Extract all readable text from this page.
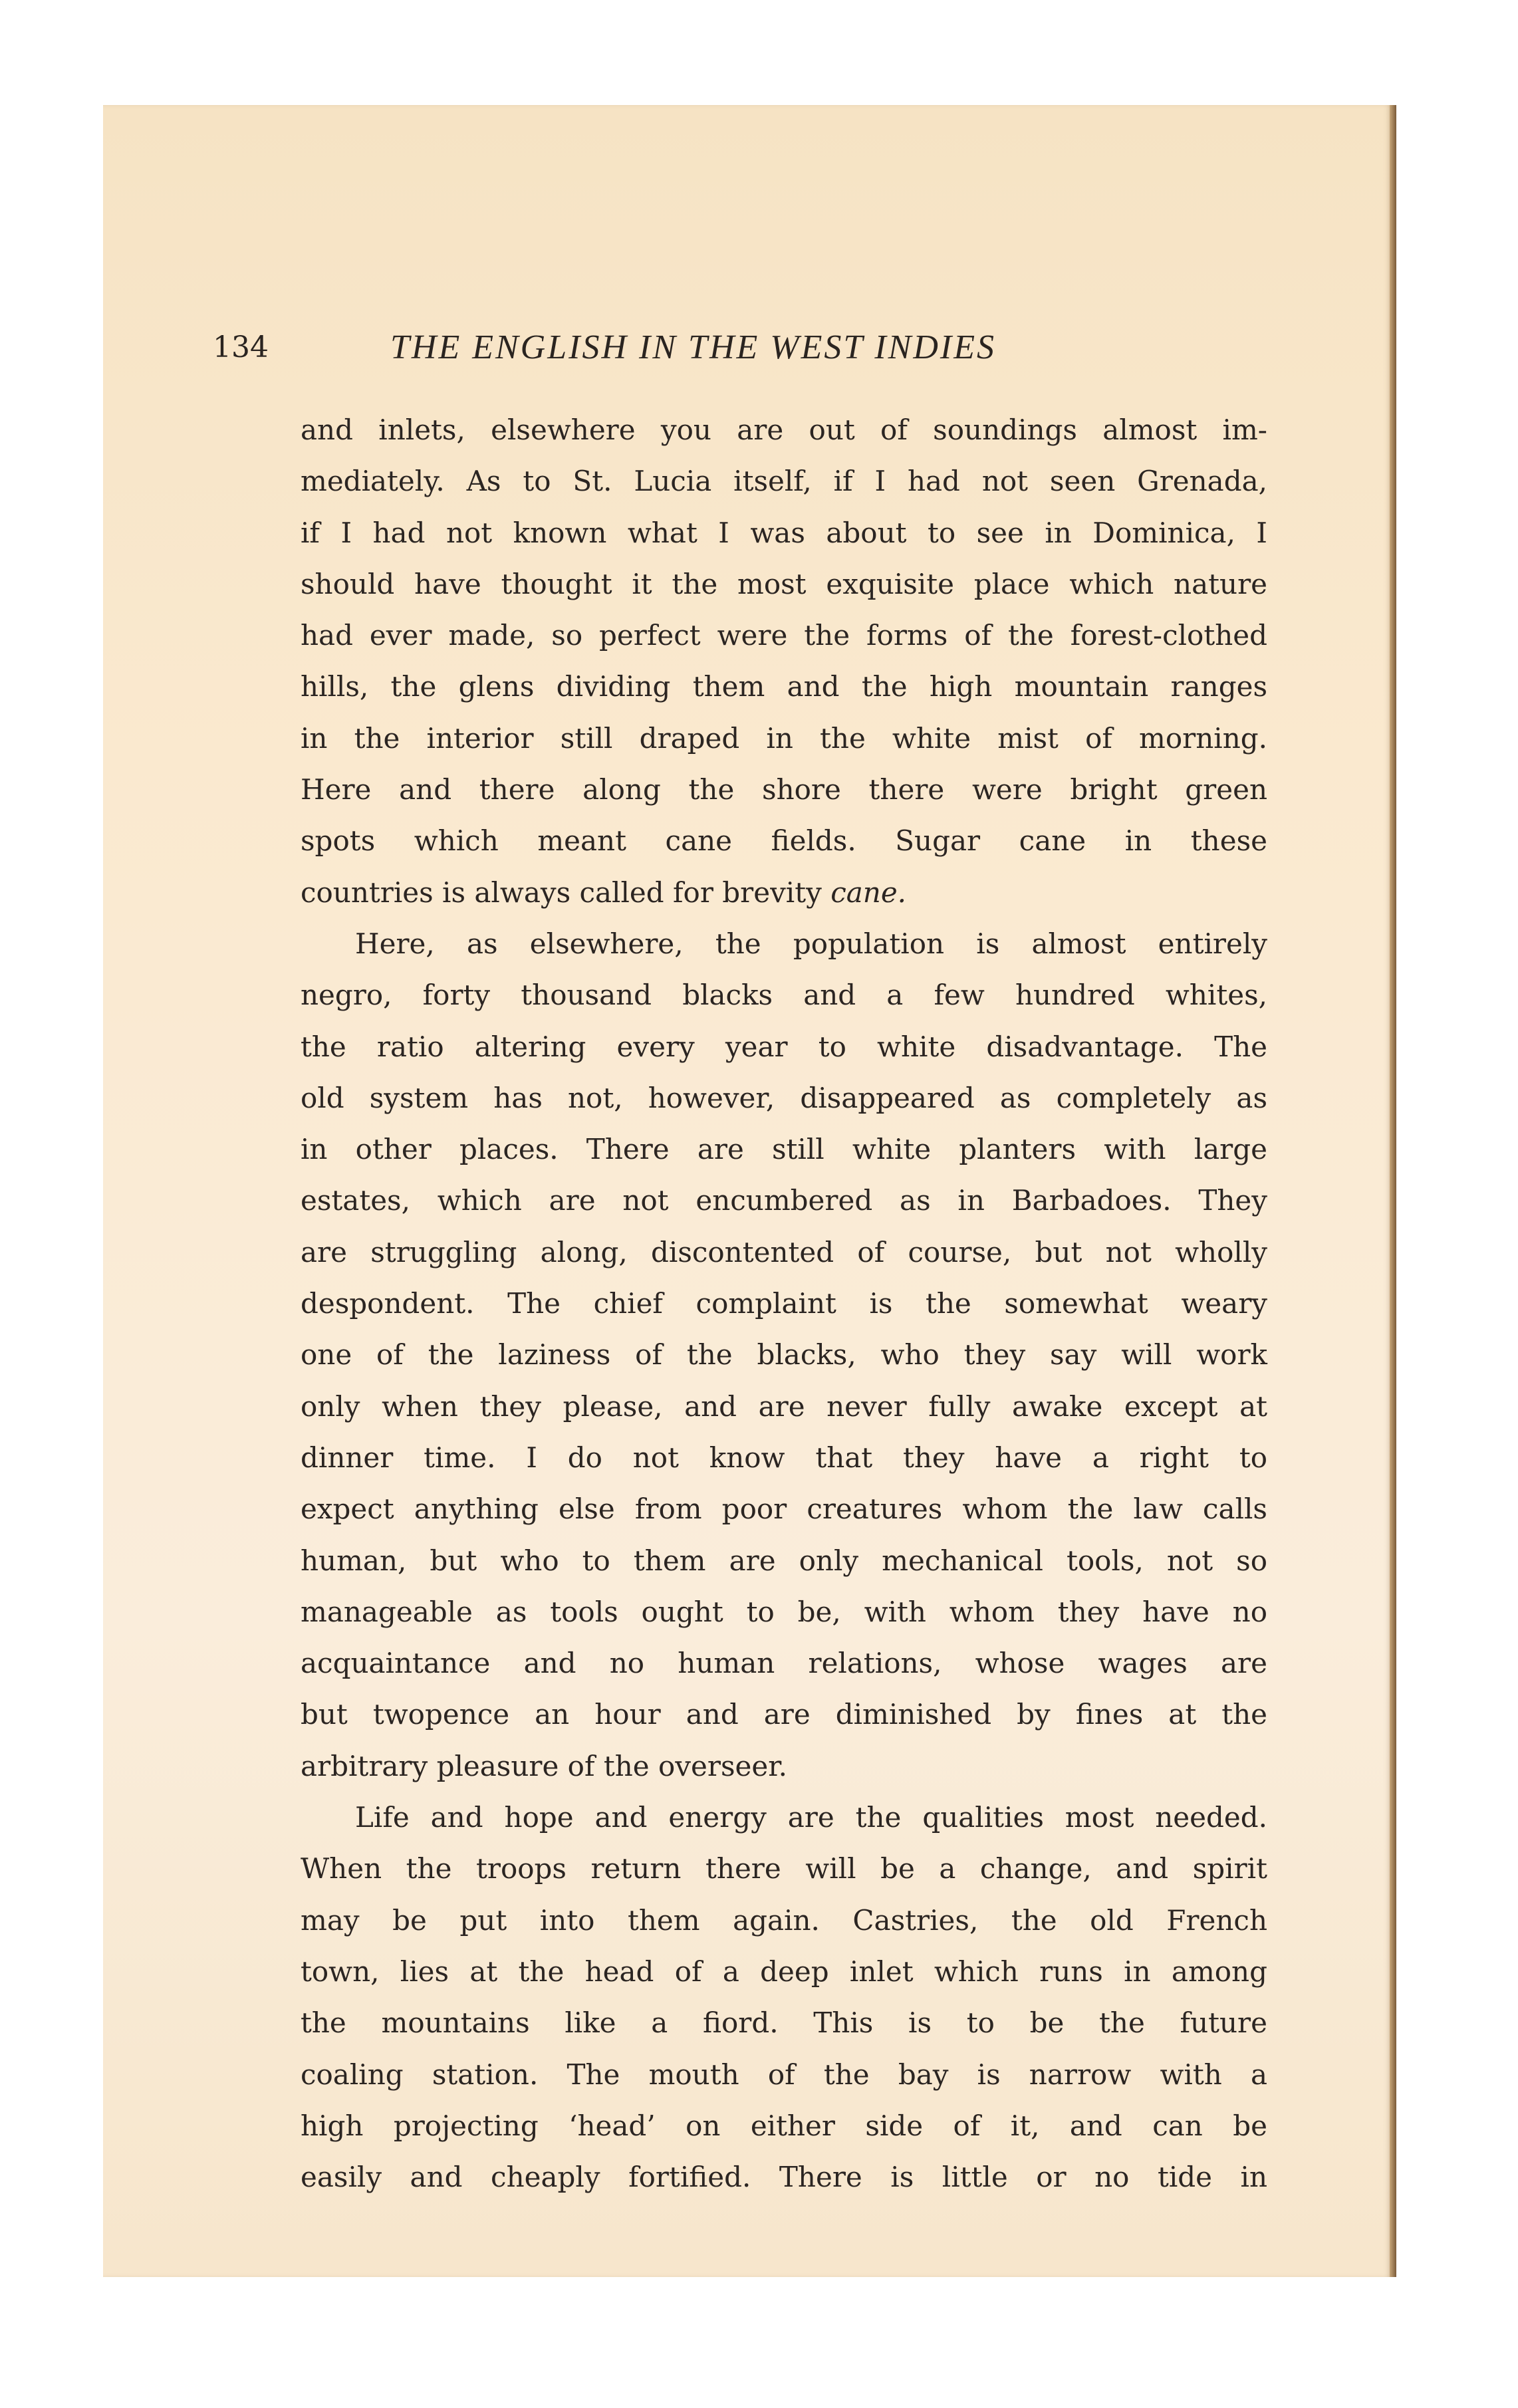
134	THE ENGLISH IN THE WEST INDIES
and inlets, elsewhere you are out of soundings almost im-
mediately. As to St. Lucia itself, if I had not seen Grenada,
if I had not known what I was about to see in Dominica, I
should have thought it the most exquisite place which nature
had ever made, so perfect were the forms of the forest-clothed
hills, the glens dividing them and the high mountain ranges
in the interior still draped in the white mist of morning.
Here and there along the shore there were bright green
spots which meant cane fields. Sugar cane in these
countries is always called for brevity cane.
Here, as elsewhere, the population is almost entirely
negro, forty thousand blacks and a few hundred whites,
the ratio altering every year to white disadvantage. The
old system has not, however, disappeared as completely as
in other places. There are still white planters with large
estates, which are not encumbered as in Barbadoes. They
are struggling along, discontented of course, but not wholly
despondent. The chief complaint is the somewhat weary
one of the laziness of the blacks, who they say will work
only when they please, and are never fully awake except at
dinner time. I do not know that they have a right to
expect anything else from poor creatures whom the law calls
human, but who to them are only mechanical tools, not so
manageable as tools ought to be, with whom they have no
acquaintance and no human relations, whose wages are
but twopence an hour and are diminished by fines at the
arbitrary pleasure of the overseer.
Life and hope and energy are the qualities most needed.
When the troops return there will be a change, and spirit
may be put into them again. Castries, the old French
town, lies at the head of a deep inlet which runs in among
the mountains like a fiord. This is to be the future
coaling station. The mouth of the bay is narrow with a
high projecting ‘head’ on either side of it, and can be
easily and cheaply fortified. There is little or no tide in
